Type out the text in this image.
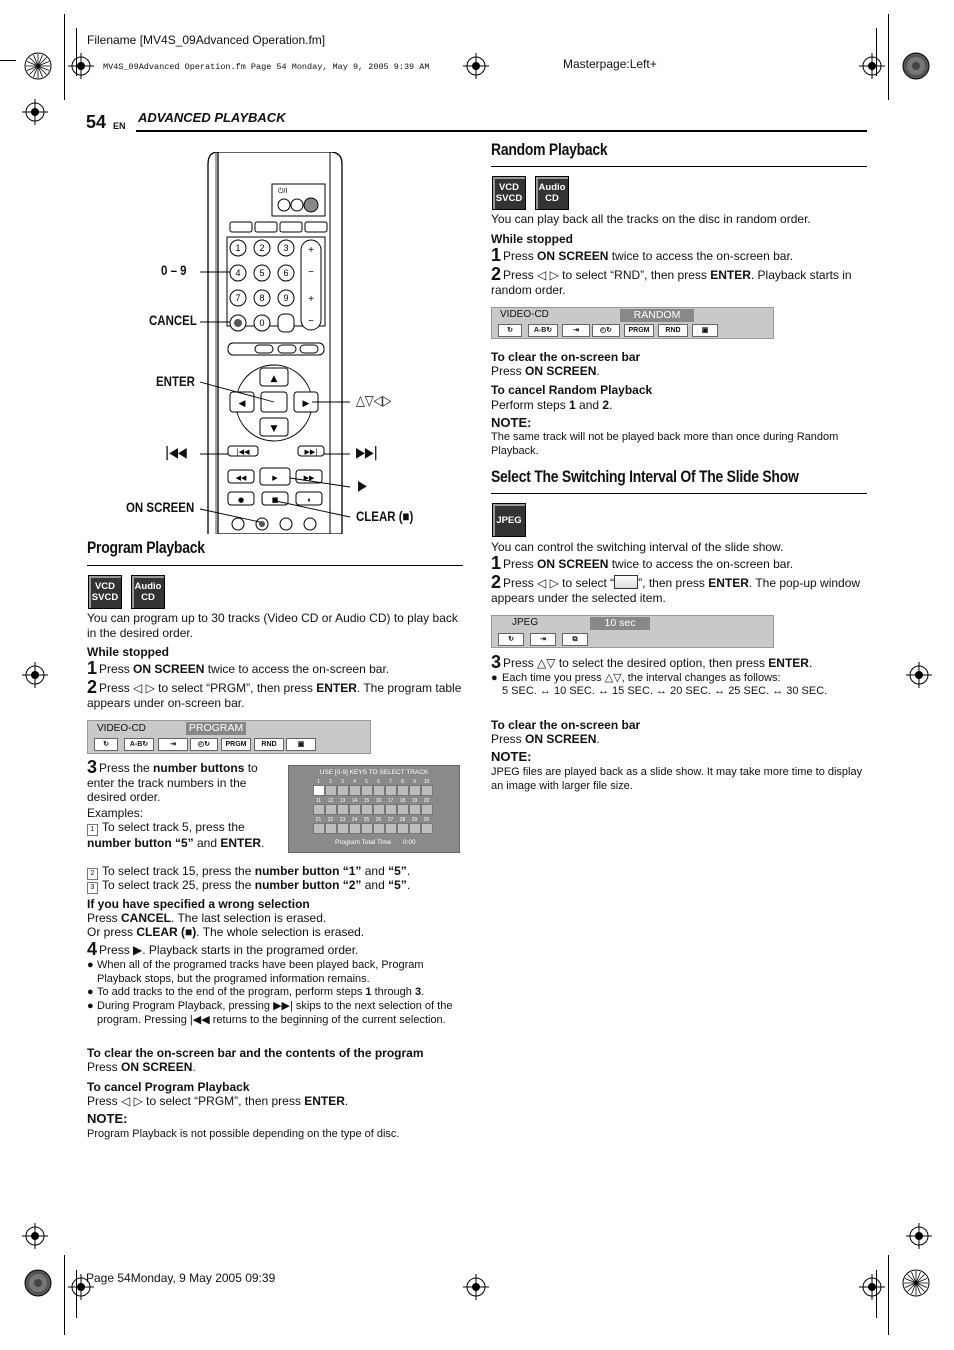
Filename [MV4S_09Advanced Operation.fm]
MV4S_09Advanced Operation.fm Page 54 Monday, May 9, 2005 9:39 AM	Masterpage:Left+
Page 54Monday, 9 May 2005 09:39
54 EN
ADVANCED PLAYBACK
⏻/I
1 2 3
4 5 6
7 8 9
0
+
−
+
−
▲
▼
◀	▶
|◀◀	▶▶|
◀◀	▶	▶▶
●	■	⏸
0 – 9
CANCEL
ENTER
|◀◀
ON SCREEN
△▽◁▷
▶▶|
▶
CLEAR (■)
Program Playback
VCD
SVCD
Audio
CD
You can program up to 30 tracks (Video CD or Audio CD) to play back in the desired order.
While stopped
1 Press ON SCREEN twice to access the on-screen bar.
2 Press ◁ ▷ to select “PRGM”, then press ENTER. The program table appears under on-screen bar.
VIDEO-CD	PROGRAM
↻	A-B↻	⇥	◴↻	PRGM	RND	▣
3 Press the number buttons to enter the track numbers in the desired order.
Examples:
1 To select track 5, press the number button “5” and ENTER.
2 To select track 15, press the number button “1” and “5”.
3 To select track 25, press the number button “2” and “5”.
USE [0-9] KEYS TO SELECT TRACK
1	2	3	4	5	6	7	8	9	10
11	12	13	14	15	16	17	18	19	20
21	22	23	24	25	26	27	28	29	30
Program Total Time 0:00
If you have specified a wrong selection
Press CANCEL. The last selection is erased.
Or press CLEAR (■). The whole selection is erased.
4 Press ▶. Playback starts in the programed order.
● When all of the programed tracks have been played back, Program Playback stops, but the programed information remains.
● To add tracks to the end of the program, perform steps 1 through 3.
● During Program Playback, pressing ▶▶| skips to the next selection of the program. Pressing |◀◀ returns to the beginning of the current selection.
To clear the on-screen bar and the contents of the program
Press ON SCREEN.
To cancel Program Playback
Press ◁ ▷ to select “PRGM”, then press ENTER.
NOTE:
Program Playback is not possible depending on the type of disc.
Random Playback
VCD
SVCD
Audio
CD
You can play back all the tracks on the disc in random order.
While stopped
1 Press ON SCREEN twice to access the on-screen bar.
2 Press ◁ ▷ to select “RND”, then press ENTER. Playback starts in random order.
VIDEO-CD	RANDOM
↻	A-B↻	⇥	◴↻	PRGM	RND	▣
To clear the on-screen bar
Press ON SCREEN.
To cancel Random Playback
Perform steps 1 and 2.
NOTE:
The same track will not be played back more than once during Random Playback.
Select The Switching Interval Of The Slide Show
JPEG
You can control the switching interval of the slide show.
1 Press ON SCREEN twice to access the on-screen bar.
2 Press ◁ ▷ to select “ ”, then press ENTER. The pop-up window appears under the selected item.
JPEG	10 sec
↻	⇥	⧉
3 Press △▽ to select the desired option, then press ENTER.
● Each time you press △▽, the interval changes as follows:
5 SEC. ↔ 10 SEC. ↔ 15 SEC. ↔ 20 SEC. ↔ 25 SEC. ↔ 30 SEC.
To clear the on-screen bar
Press ON SCREEN.
NOTE:
JPEG files are played back as a slide show. It may take more time to display an image with larger file size.
